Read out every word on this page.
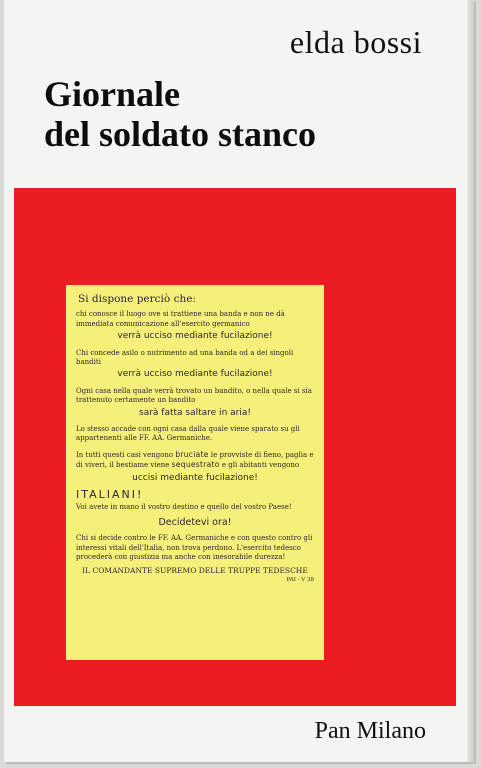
elda bossi
Giornale
del soldato stanco
Si dispone perciò che:
chi conosce il luogo ove si trattiene una banda e non ne dà immediata comunicazione all'esercito germanico
verrà ucciso mediante fucilazione!
Chi concede asilo o nutrimento ad una banda od a dei singoli banditi
verrà ucciso mediante fucilazione!
Ogni casa nella quale verrà trovato un bandito, o nella quale si sia trattenuto certamente un bandito
sarà fatta saltare in aria!
Lo stesso accade con ogni casa dalla quale viene sparato su gli appartenenti alle FF. AA. Germaniche.
In tutti questi casi vengono bruciate le provviste di fieno, paglia e di viveri, il bestiame viene sequestrato e gli abitanti vengono
uccisi mediante fucilazione!
ITALIANI!
Voi avete in mano il vostro destino e quello del vostro Paese!
Decidetevi ora!
Chi si decide contro le FF. AA. Germaniche e con questo contro gli interessi vitali dell'Italia, non trova perdono. L'esercito tedesco procederà con giustizia ma anche con inesorabile durezza!
IL COMANDANTE SUPREMO DELLE TRUPPE TEDESCHE
PAI - V 38
Pan Milano
